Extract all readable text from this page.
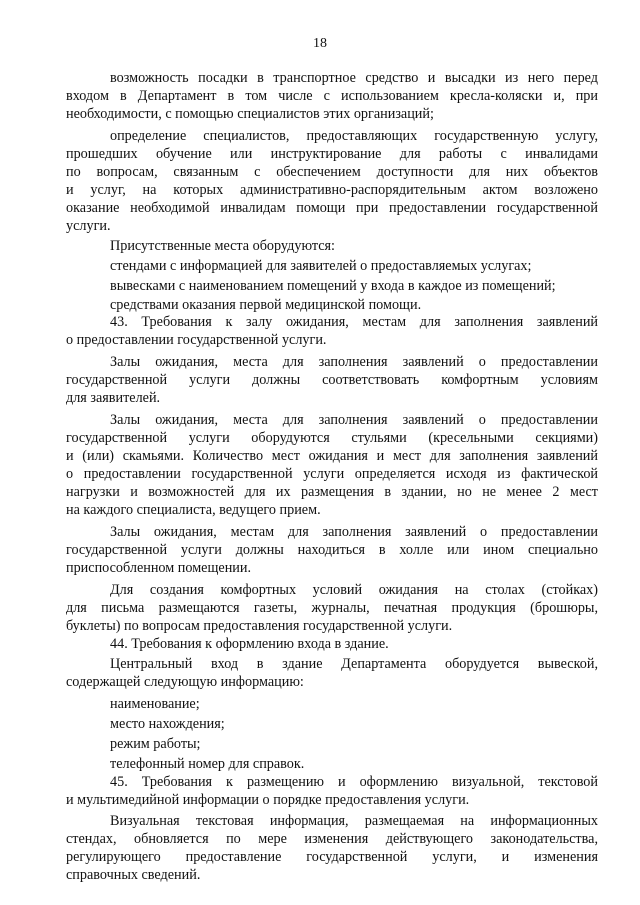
18
возможность посадки в транспортное средство и высадки из него перед
входом в Департамент в том числе с использованием кресла-коляски и, при
необходимости, с помощью специалистов этих организаций;
определение специалистов, предоставляющих государственную услугу,
прошедших обучение или инструктирование для работы с инвалидами
по вопросам, связанным с обеспечением доступности для них объектов
и услуг, на которых административно-распорядительным актом возложено
оказание необходимой инвалидам помощи при предоставлении государственной
услуги.
Присутственные места оборудуются:
стендами с информацией для заявителей о предоставляемых услугах;
вывесками с наименованием помещений у входа в каждое из помещений;
средствами оказания первой медицинской помощи.
43. Требования к залу ожидания, местам для заполнения заявлений
о предоставлении государственной услуги.
Залы ожидания, места для заполнения заявлений о предоставлении
государственной услуги должны соответствовать комфортным условиям
для заявителей.
Залы ожидания, места для заполнения заявлений о предоставлении
государственной услуги оборудуются стульями (кресельными секциями)
и (или) скамьями. Количество мест ожидания и мест для заполнения заявлений
о предоставлении государственной услуги определяется исходя из фактической
нагрузки и возможностей для их размещения в здании, но не менее 2 мест
на каждого специалиста, ведущего прием.
Залы ожидания, местам для заполнения заявлений о предоставлении
государственной услуги должны находиться в холле или ином специально
приспособленном помещении.
Для создания комфортных условий ожидания на столах (стойках)
для письма размещаются газеты, журналы, печатная продукция (брошюры,
буклеты) по вопросам предоставления государственной услуги.
44. Требования к оформлению входа в здание.
Центральный вход в здание Департамента оборудуется вывеской,
содержащей следующую информацию:
наименование;
место нахождения;
режим работы;
телефонный номер для справок.
45. Требования к размещению и оформлению визуальной, текстовой
и мультимедийной информации о порядке предоставления услуги.
Визуальная текстовая информация, размещаемая на информационных
стендах, обновляется по мере изменения действующего законодательства,
регулирующего предоставление государственной услуги, и изменения
справочных сведений.
